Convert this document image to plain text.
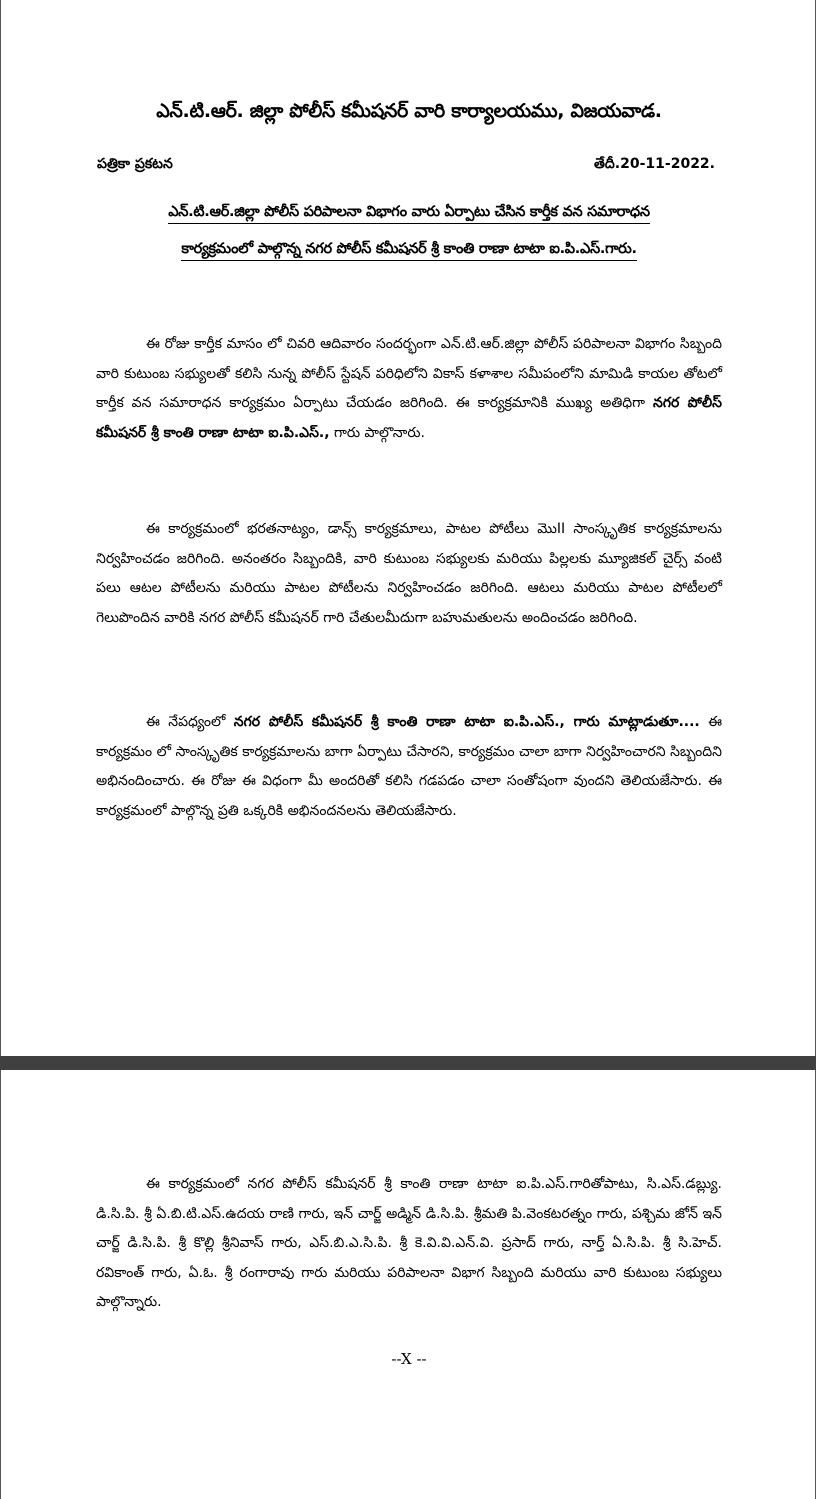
ఎన్.టి.ఆర్. జిల్లా పోలీస్ కమీషనర్ వారి కార్యాలయము, విజయవాడ.
పత్రికా ప్రకటన	తేదీ.20-11-2022.
ఎన్.టి.ఆర్.జిల్లా పోలీస్ పరిపాలనా విభాగం వారు ఏర్పాటు చేసిన కార్తీక వన సమారాధన
కార్యక్రమంలో పాల్గొన్న నగర పోలీస్ కమీషనర్ శ్రీ కాంతి రాణా టాటా ఐ.పి.ఎస్.గారు.

ఈ రోజు కార్తీక మాసం లో చివరి ఆదివారం సందర్భంగా ఎన్.టి.ఆర్.జిల్లా పోలీస్ పరిపాలనా విభాగం సిబ్బంది వారి కుటుంబ సభ్యులతో కలిసి నున్న పోలీస్ స్టేషన్ పరిధిలోని వికాస్ కళాశాల సమీపంలోని మామిడి కాయల తోటలో కార్తీక వన సమారాధన కార్యక్రమం ఏర్పాటు చేయడం జరిగింది. ఈ కార్యక్రమానికి ముఖ్య అతిధిగా నగర పోలీస్ కమీషనర్ శ్రీ కాంతి రాణా టాటా ఐ.పి.ఎస్., గారు పాల్గొనారు.

ఈ కార్యక్రమంలో భరతనాట్యం, డాన్స్ కార్యక్రమాలు, పాటల పోటీలు మొII సాంస్కృతిక కార్యక్రమాలను నిర్వహించడం జరిగింది. అనంతరం సిబ్బందికి, వారి కుటుంబ సభ్యులకు మరియు పిల్లలకు మ్యూజికల్ చైర్స్ వంటి పలు ఆటల పోటీలను మరియు పాటల పోటీలను నిర్వహించడం జరిగింది. ఆటలు మరియు పాటల పోటీలలో గెలుపొందిన వారికి నగర పోలీస్ కమీషనర్ గారి చేతులమీదుగా బహుమతులను అందించడం జరిగింది.

ఈ నేపధ్యంలో నగర పోలీస్ కమీషనర్ శ్రీ కాంతి రాణా టాటా ఐ.పి.ఎస్., గారు మాట్లాడుతూ.... ఈ కార్యక్రమం లో సాంస్కృతిక కార్యక్రమాలను బాగా ఏర్పాటు చేసారని, కార్యక్రమం చాలా బాగా నిర్వహించారని సిబ్బందిని అభినందించారు. ఈ రోజు ఈ విధంగా మీ అందరితో కలిసి గడపడం చాలా సంతోషంగా వుందని తెలియజేసారు. ఈ కార్యక్రమంలో పాల్గొన్న ప్రతి ఒక్కరికి అభినందనలను తెలియజేసారు.

ఈ కార్యక్రమంలో నగర పోలీస్ కమీషనర్ శ్రీ కాంతి రాణా టాటా ఐ.పి.ఎస్.గారితోపాటు, సి.ఎస్.డబ్ల్యు. డి.సి.పి. శ్రీ ఏ.బి.టి.ఎస్.ఉదయ రాణి గారు, ఇన్ చార్జ్ అడ్మిన్ డి.సి.పి. శ్రీమతి పి.వెంకటరత్నం గారు, పశ్చిమ జోన్ ఇన్ చార్జ్ డి.సి.పి. శ్రీ కొల్లి శ్రీనివాస్ గారు, ఎస్.బి.ఎ.సి.పి. శ్రీ కె.వి.వి.ఎన్.వి. ప్రసాద్ గారు, నార్త్ ఏ.సి.పి. శ్రీ సి.హెచ్. రవికాంత్ గారు, ఏ.ఓ. శ్రీ రంగారావు గారు మరియు పరిపాలనా విభాగ సిబ్బంది మరియు వారి కుటుంబ సభ్యులు పాల్గొన్నారు.

--X --
